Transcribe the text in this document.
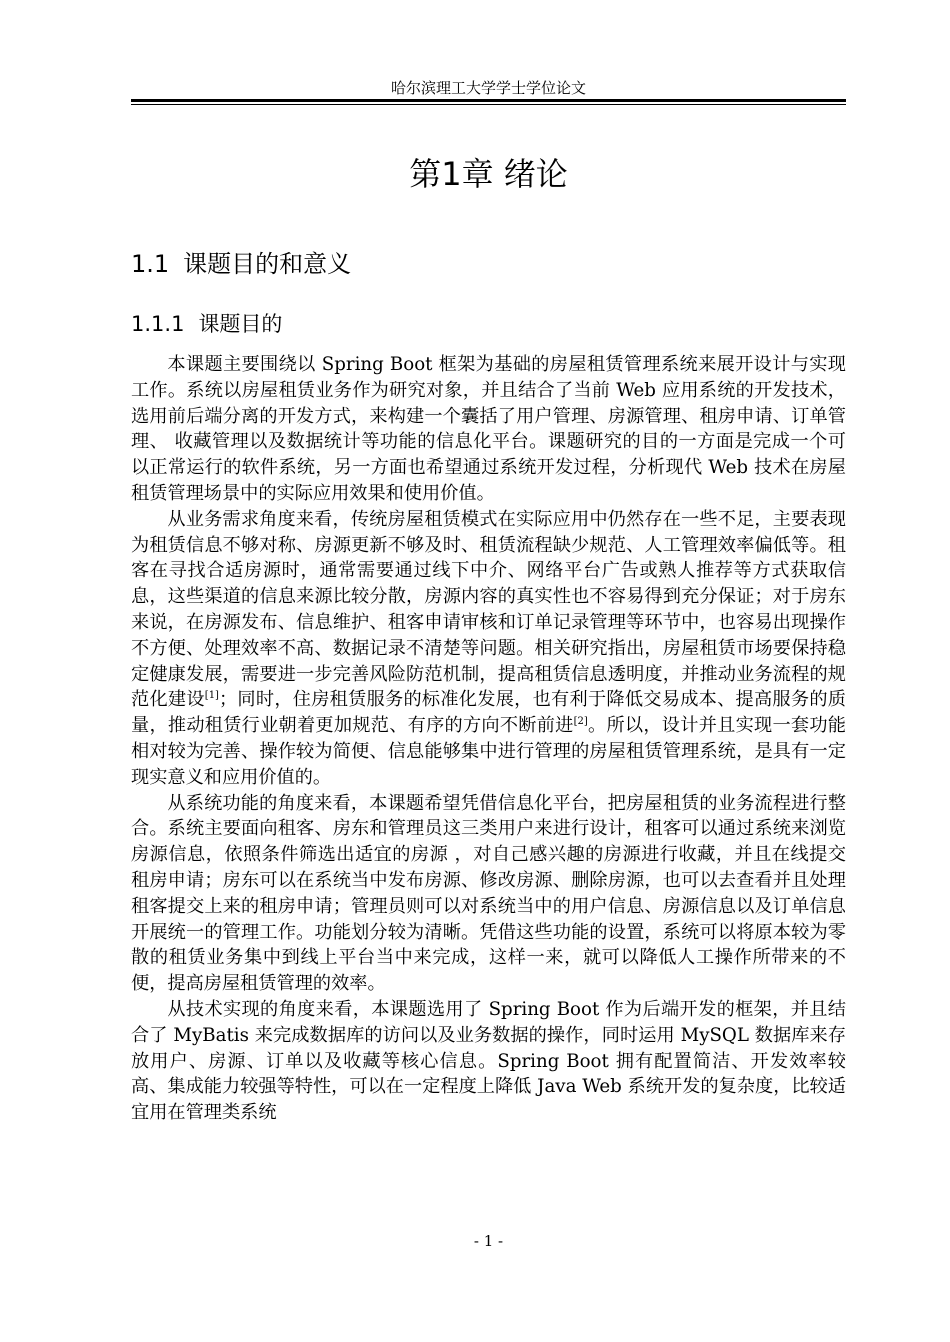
哈尔滨理工大学学士学位论文
第1章 绪论
1.1 课题目的和意义
1.1.1 课题目的

本课题主要围绕以 Spring Boot 框架为基础的房屋租赁管理系统来展开设计与实现工作。系统以房屋租赁业务作为研究对象，并且结合了当前 Web 应用系统的开发技术，选用前后端分离的开发方式，来构建一个囊括了用户管理、房源管理、租房申请、订单管理、 收藏管理以及数据统计等功能的信息化平台。课题研究的目的一方面是完成一个可以正常运行的软件系统，另一方面也希望通过系统开发过程，分析现代 Web 技术在房屋租赁管理场景中的实际应用效果和使用价值。

从业务需求角度来看，传统房屋租赁模式在实际应用中仍然存在一些不足，主要表现为租赁信息不够对称、房源更新不够及时、租赁流程缺少规范、人工管理效率偏低等。租客在寻找合适房源时，通常需要通过线下中介、网络平台广告或熟人推荐等方式获取信息，这些渠道的信息来源比较分散，房源内容的真实性也不容易得到充分保证；对于房东来说，在房源发布、信息维护、租客申请审核和订单记录管理等环节中，也容易出现操作不方便、处理效率不高、数据记录不清楚等问题。相关研究指出，房屋租赁市场要保持稳定健康发展，需要进一步完善风险防范机制，提高租赁信息透明度，并推动业务流程的规范化建设[1]；同时，住房租赁服务的标准化发展，也有利于降低交易成本、提高服务的质量，推动租赁行业朝着更加规范、有序的方向不断前进[2]。所以，设计并且实现一套功能相对较为完善、操作较为简便、信息能够集中进行管理的房屋租赁管理系统，是具有一定现实意义和应用价值的。

从系统功能的角度来看，本课题希望凭借信息化平台，把房屋租赁的业务流程进行整合。系统主要面向租客、房东和管理员这三类用户来进行设计，租客可以通过系统来浏览房源信息，依照条件筛选出适宜的房源 ，对自己感兴趣的房源进行收藏，并且在线提交租房申请；房东可以在系统当中发布房源、修改房源、删除房源，也可以去查看并且处理租客提交上来的租房申请；管理员则可以对系统当中的用户信息、房源信息以及订单信息开展统一的管理工作。功能划分较为清晰。凭借这些功能的设置，系统可以将原本较为零散的租赁业务集中到线上平台当中来完成，这样一来，就可以降低人工操作所带来的不便，提高房屋租赁管理的效率。

从技术实现的角度来看，本课题选用了 Spring Boot 作为后端开发的框架，并且结合了 MyBatis 来完成数据库的访问以及业务数据的操作，同时运用 MySQL 数据库来存放用户、房源、订单以及收藏等核心信息。Spring Boot 拥有配置简洁、开发效率较高、集成能力较强等特性，可以在一定程度上降低 Java Web 系统开发的复杂度，比较适宜用在管理类系统

- 1 -
